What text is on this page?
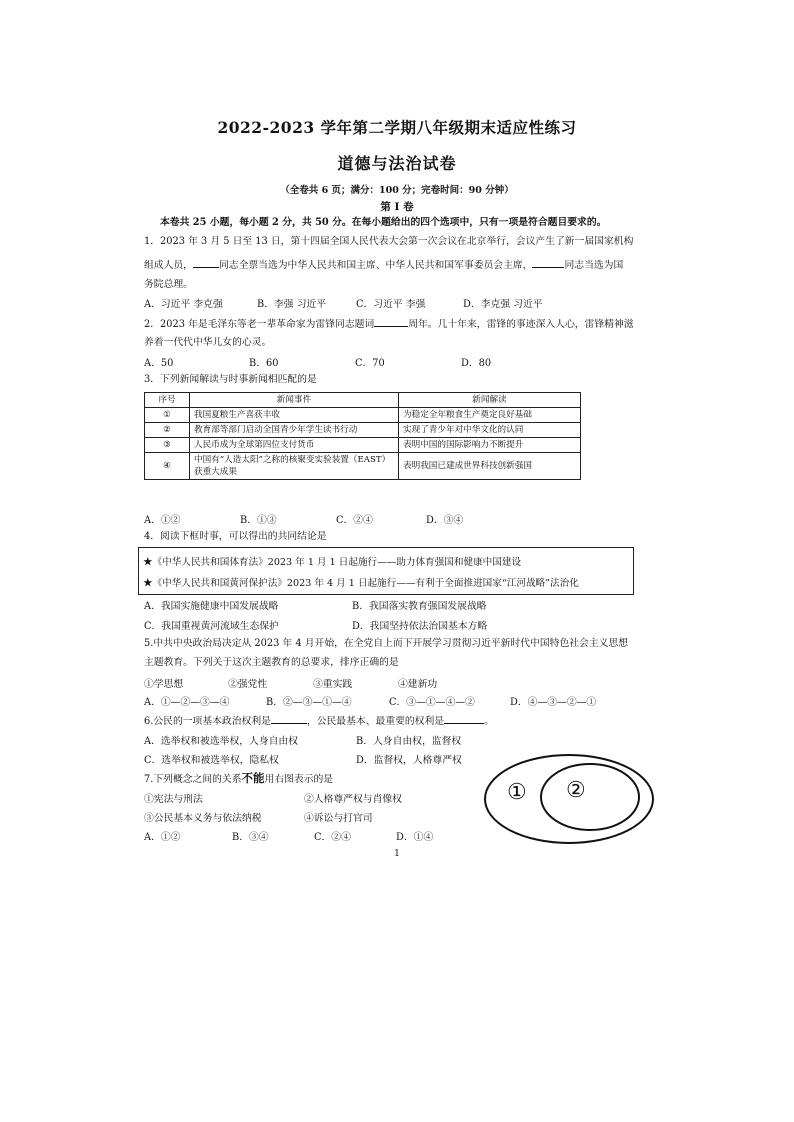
2022-2023 学年第二学期八年级期末适应性练习
道德与法治试卷
（全卷共 6 页；满分：100 分；完卷时间：90 分钟）
第 Ⅰ 卷
本卷共 25 小题，每小题 2 分，共 50 分。在每小题给出的四个选项中，只有一项是符合题目要求的。
1．2023 年 3 月 5 日至 13 日，第十四届全国人民代表大会第一次会议在北京举行，会议产生了新一届国家机构
组成人员，	同志全票当选为中华人民共和国主席、中华人民共和国军事委员会主席，	同志当选为国
务院总理。
A．习近平 李克强	B．李强 习近平	C．习近平 李强	D．李克强 习近平
2．2023 年是毛泽东等老一辈革命家为雷锋同志题词	周年。几十年来，雷锋的事迹深入人心，雷锋精神滋
养着一代代中华儿女的心灵。
A．50	B．60	C．70	D．80
3．下列新闻解读与时事新闻相匹配的是
序号	新闻事件	新闻解读
①	我国夏粮生产喜获丰收	为稳定全年粮食生产奠定良好基础
②	教育部等部门启动全国青少年学生读书行动	实现了青少年对中华文化的认同
③	人民币成为全球第四位支付货币	表明中国的国际影响力不断提升
④	中国有“人造太阳”之称的核聚变实验装置（EAST）获重大成果	表明我国已建成世界科技创新强国
A．①②	B．①③	C．②④	D．③④
4．阅读下框时事，可以得出的共同结论是
★《中华人民共和国体育法》2023 年 1 月 1 日起施行——助力体育强国和健康中国建设
★《中华人民共和国黄河保护法》2023 年 4 月 1 日起施行——有利于全面推进国家“江河战略”法治化
A．我国实施健康中国发展战略	B．我国落实教育强国发展战略
C．我国重视黄河流域生态保护	D．我国坚持依法治国基本方略
5.中共中央政治局决定从 2023 年 4 月开始，在全党自上而下开展学习贯彻习近平新时代中国特色社会主义思想
主题教育。下列关于这次主题教育的总要求，排序正确的是
①学思想	②强党性	③重实践	④建新功
A．①—②—③—④	B．②—③—①—④	C．③—①—④—②	D．④—③—②—①
6.公民的一项基本政治权利是	，公民最基本、最重要的权利是	。
A．选举权和被选举权，人身自由权	B．人身自由权，监督权
C．选举权和被选举权，隐私权	D．监督权，人格尊严权
7.下列概念之间的关系不能用右图表示的是
①宪法与刑法	②人格尊严权与肖像权
③公民基本义务与依法纳税	④诉讼与打官司
A．①②	B．③④	C．②④	D．①④
① ②
1
